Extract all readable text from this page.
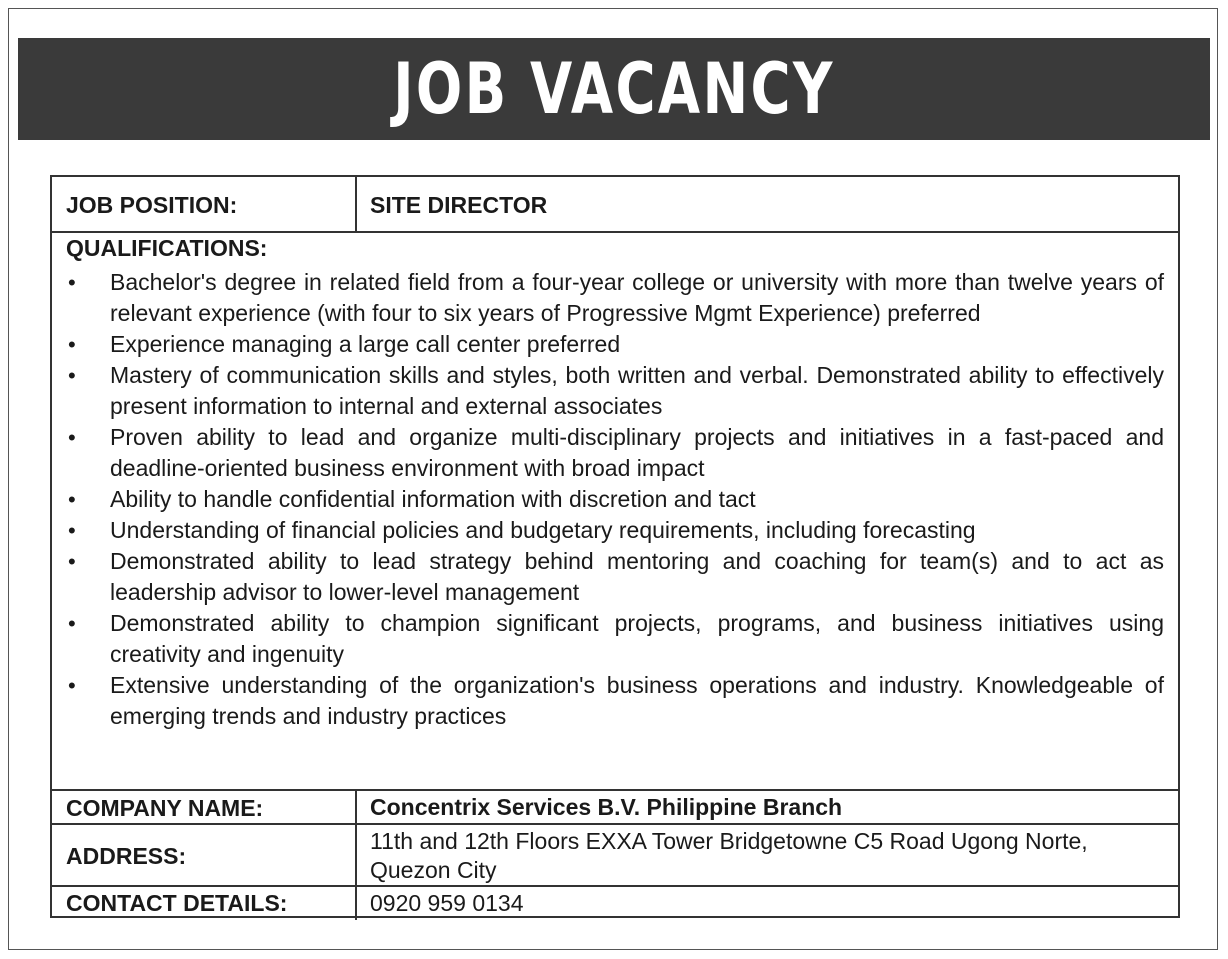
JOB VACANCY
JOB POSITION:	SITE DIRECTOR
QUALIFICATIONS:
• Bachelor's degree in related field from a four-year college or university with more than twelve years of relevant experience (with four to six years of Progressive Mgmt Experience) preferred
• Experience managing a large call center preferred
• Mastery of communication skills and styles, both written and verbal. Demonstrated ability to effectively present information to internal and external associates
• Proven ability to lead and organize multi-disciplinary projects and initiatives in a fast-paced and deadline-oriented business environment with broad impact
• Ability to handle confidential information with discretion and tact
• Understanding of financial policies and budgetary requirements, including forecasting
• Demonstrated ability to lead strategy behind mentoring and coaching for team(s) and to act as leadership advisor to lower-level management
• Demonstrated ability to champion significant projects, programs, and business initiatives using creativity and ingenuity
• Extensive understanding of the organization's business operations and industry. Knowledgeable of emerging trends and industry practices
COMPANY NAME:	Concentrix Services B.V. Philippine Branch
ADDRESS:
11th and 12th Floors EXXA Tower Bridgetowne C5 Road Ugong Norte, Quezon City
CONTACT DETAILS:	0920 959 0134
